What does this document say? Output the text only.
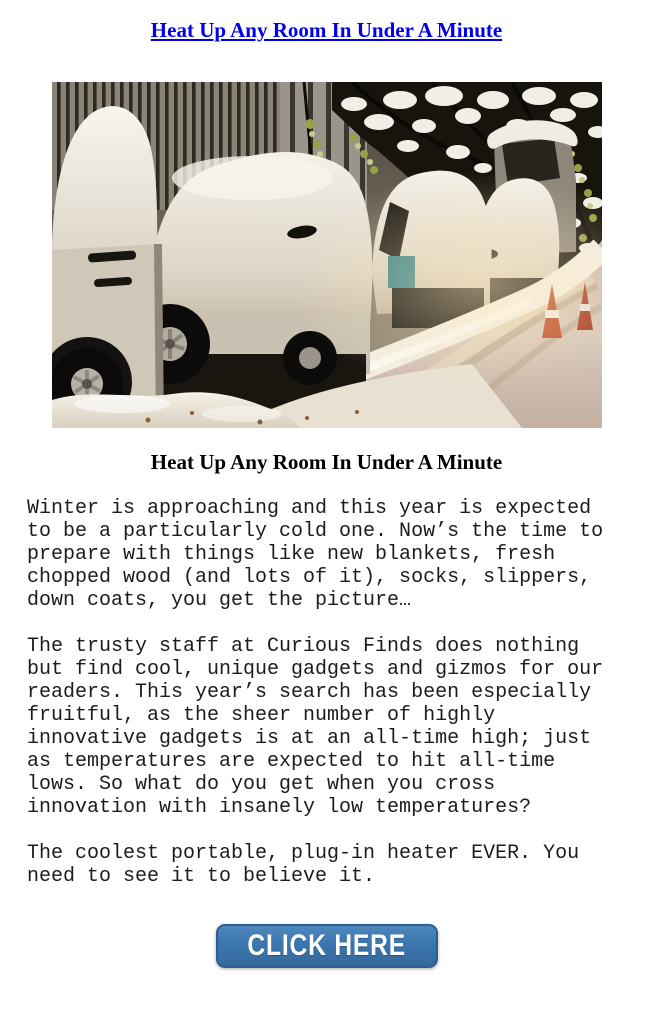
Heat Up Any Room In Under A Minute
Heat Up Any Room In Under A Minute

Winter is approaching and this year is expected to be a particularly cold one. Now’s the time to prepare with things like new blankets, fresh chopped wood (and lots of it), socks, slippers, down coats, you get the picture…

The trusty staff at Curious Finds does nothing but find cool, unique gadgets and gizmos for our readers. This year’s search has been especially fruitful, as the sheer number of highly innovative gadgets is at an all-time high; just as temperatures are expected to hit all-time lows. So what do you get when you cross innovation with insanely low temperatures?

The coolest portable, plug-in heater EVER. You need to see it to believe it.

CLICK HERE
